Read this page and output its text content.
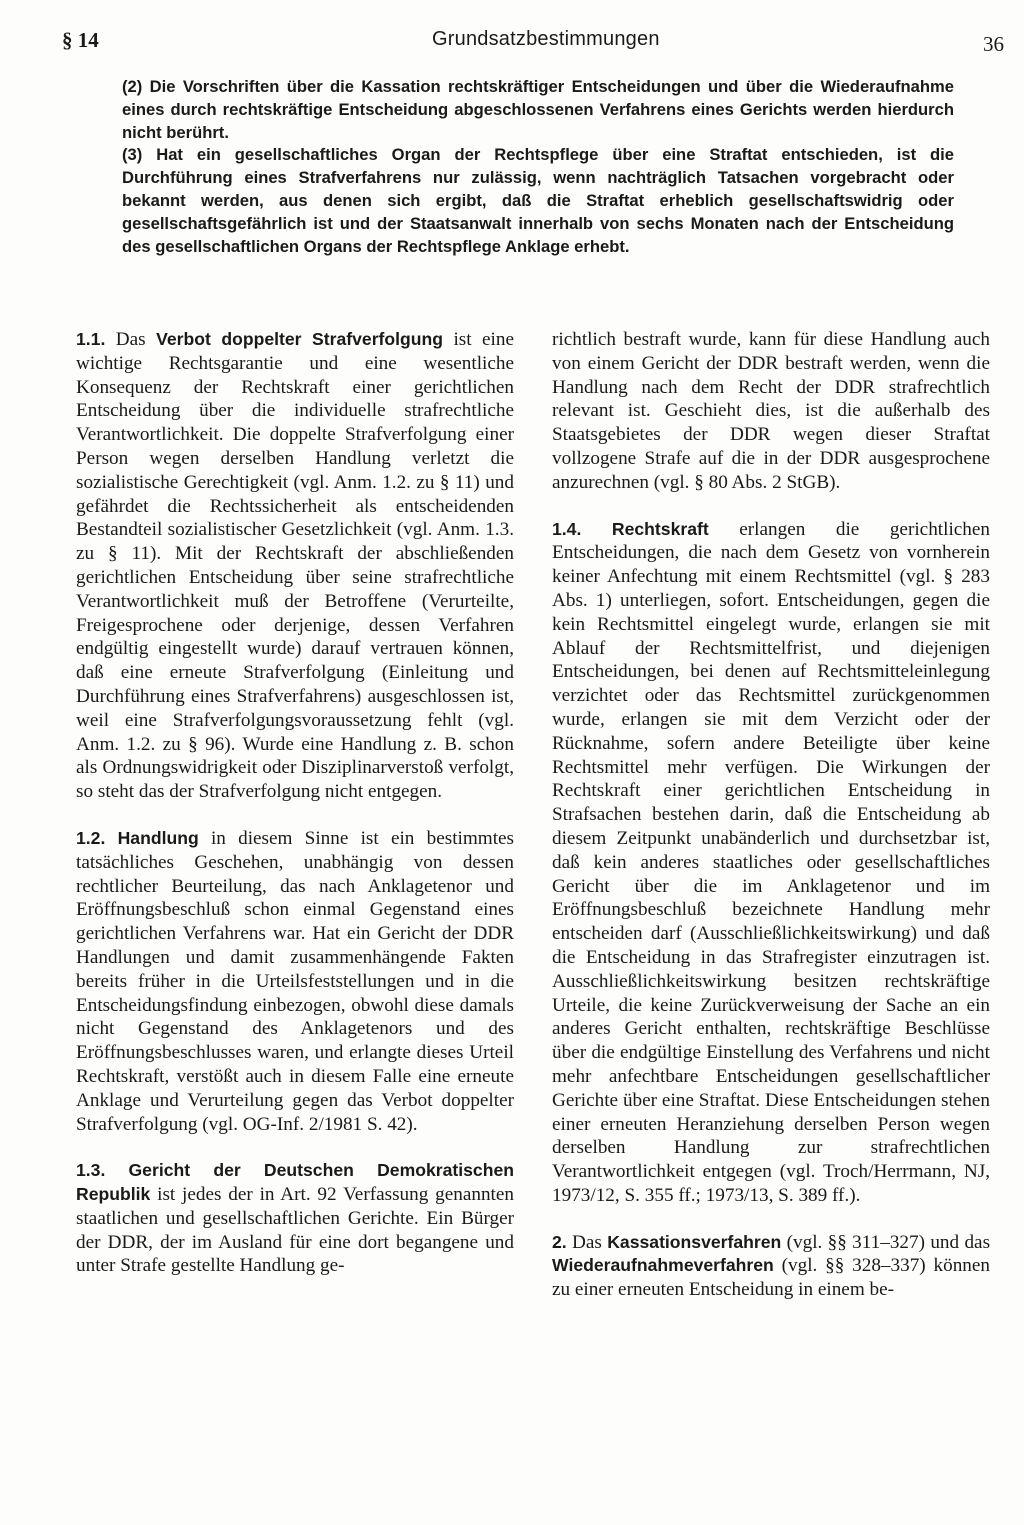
§ 14	Grundsatzbestimmungen	36

(2) Die Vorschriften über die Kassation rechtskräftiger Entscheidungen und über die Wiederaufnahme eines durch rechtskräftige Entscheidung abgeschlossenen Verfahrens eines Gerichts werden hierdurch nicht berührt.

(3) Hat ein gesellschaftliches Organ der Rechtspflege über eine Straftat entschieden, ist die Durchführung eines Strafverfahrens nur zulässig, wenn nachträglich Tatsachen vorgebracht oder bekannt werden, aus denen sich ergibt, daß die Straftat erheblich gesellschaftswidrig oder gesellschaftsgefährlich ist und der Staatsanwalt innerhalb von sechs Monaten nach der Entscheidung des gesellschaftlichen Organs der Rechtspflege Anklage erhebt.

1.1. Das Verbot doppelter Strafverfolgung ist eine wichtige Rechtsgarantie und eine wesentliche Konsequenz der Rechtskraft einer gerichtlichen Entscheidung über die individuelle strafrechtliche Verantwortlichkeit. Die doppelte Strafverfolgung einer Person wegen derselben Handlung verletzt die sozialistische Gerechtigkeit (vgl. Anm. 1.2. zu § 11) und gefährdet die Rechtssicherheit als entscheidenden Bestandteil sozialistischer Gesetzlichkeit (vgl. Anm. 1.3. zu § 11). Mit der Rechtskraft der abschließenden gerichtlichen Entscheidung über seine strafrechtliche Verantwortlichkeit muß der Betroffene (Verurteilte, Freigesprochene oder derjenige, dessen Verfahren endgültig eingestellt wurde) darauf vertrauen können, daß eine erneute Strafverfolgung (Einleitung und Durchführung eines Strafverfahrens) ausgeschlossen ist, weil eine Strafverfolgungsvoraussetzung fehlt (vgl. Anm. 1.2. zu § 96). Wurde eine Handlung z. B. schon als Ordnungswidrigkeit oder Disziplinarverstoß verfolgt, so steht das der Strafverfolgung nicht entgegen.

1.2. Handlung in diesem Sinne ist ein bestimmtes tatsächliches Geschehen, unabhängig von dessen rechtlicher Beurteilung, das nach Anklagetenor und Eröffnungsbeschluß schon einmal Gegenstand eines gerichtlichen Verfahrens war. Hat ein Gericht der DDR Handlungen und damit zusammenhängende Fakten bereits früher in die Urteilsfeststellungen und in die Entscheidungsfindung einbezogen, obwohl diese damals nicht Gegenstand des Anklagetenors und des Eröffnungsbeschlusses waren, und erlangte dieses Urteil Rechtskraft, verstößt auch in diesem Falle eine erneute Anklage und Verurteilung gegen das Verbot doppelter Strafverfolgung (vgl. OG-Inf. 2/1981 S. 42).

1.3. Gericht der Deutschen Demokratischen Republik ist jedes der in Art. 92 Verfassung genannten staatlichen und gesellschaftlichen Gerichte. Ein Bürger der DDR, der im Ausland für eine dort begangene und unter Strafe gestellte Handlung ge-

richtlich bestraft wurde, kann für diese Handlung auch von einem Gericht der DDR bestraft werden, wenn die Handlung nach dem Recht der DDR strafrechtlich relevant ist. Geschieht dies, ist die außerhalb des Staatsgebietes der DDR wegen dieser Straftat vollzogene Strafe auf die in der DDR ausgesprochene anzurechnen (vgl. § 80 Abs. 2 StGB).

1.4. Rechtskraft erlangen die gerichtlichen Entscheidungen, die nach dem Gesetz von vornherein keiner Anfechtung mit einem Rechtsmittel (vgl. § 283 Abs. 1) unterliegen, sofort. Entscheidungen, gegen die kein Rechtsmittel eingelegt wurde, erlangen sie mit Ablauf der Rechtsmittelfrist, und diejenigen Entscheidungen, bei denen auf Rechtsmitteleinlegung verzichtet oder das Rechtsmittel zurückgenommen wurde, erlangen sie mit dem Verzicht oder der Rücknahme, sofern andere Beteiligte über keine Rechtsmittel mehr verfügen. Die Wirkungen der Rechtskraft einer gerichtlichen Entscheidung in Strafsachen bestehen darin, daß die Entscheidung ab diesem Zeitpunkt unabänderlich und durchsetzbar ist, daß kein anderes staatliches oder gesellschaftliches Gericht über die im Anklagetenor und im Eröffnungsbeschluß bezeichnete Handlung mehr entscheiden darf (Ausschließlichkeitswirkung) und daß die Entscheidung in das Strafregister einzutragen ist. Ausschließlichkeitswirkung besitzen rechtskräftige Urteile, die keine Zurückverweisung der Sache an ein anderes Gericht enthalten, rechtskräftige Beschlüsse über die endgültige Einstellung des Verfahrens und nicht mehr anfechtbare Entscheidungen gesellschaftlicher Gerichte über eine Straftat. Diese Entscheidungen stehen einer erneuten Heranziehung derselben Person wegen derselben Handlung zur strafrechtlichen Verantwortlichkeit entgegen (vgl. Troch/Herrmann, NJ, 1973/12, S. 355 ff.; 1973/13, S. 389 ff.).

2. Das Kassationsverfahren (vgl. §§ 311–327) und das Wiederaufnahmeverfahren (vgl. §§ 328–337) können zu einer erneuten Entscheidung in einem be-
